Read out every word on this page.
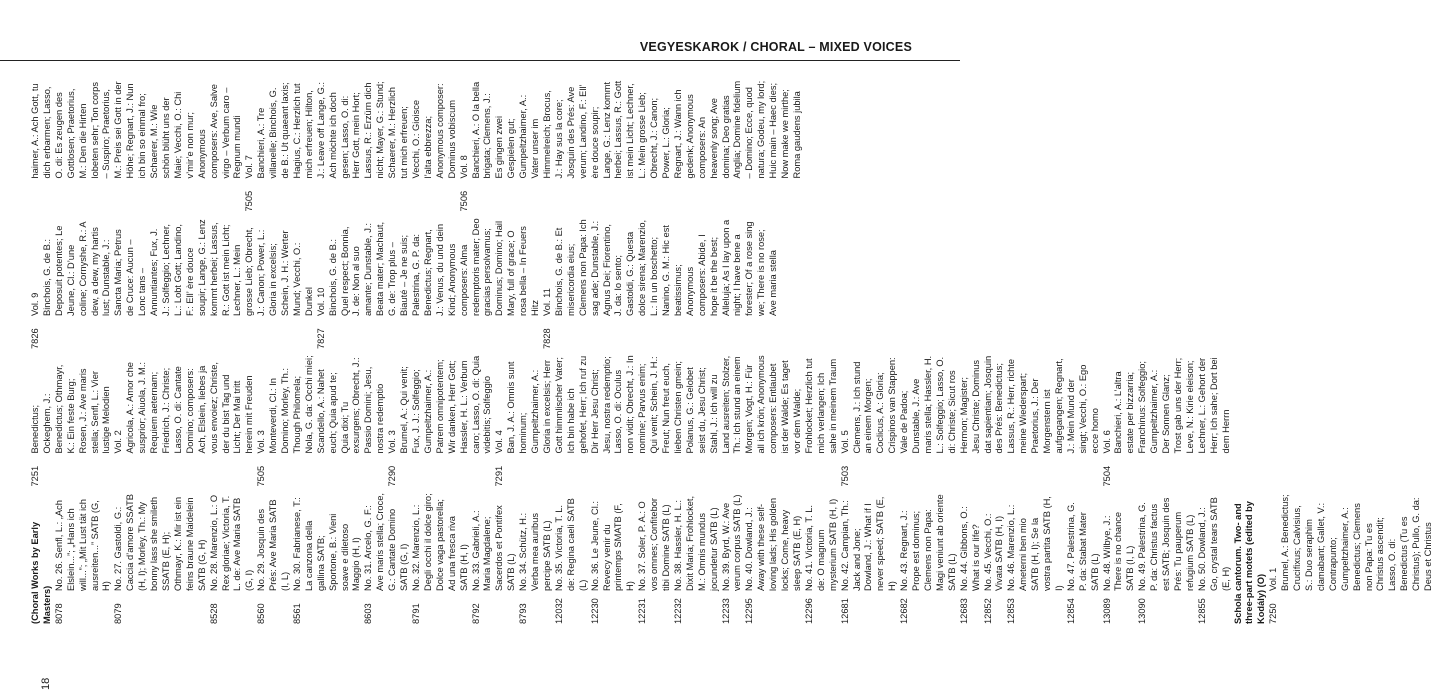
VEGYESKAROK / CHORAL – MIXED VOICES
18
(Choral Works by Early Masters) 8078
No. 26. Senfl, L.: „Ach Elslein...”; „Hans ich will...”; „Mit Lust tät ich ausreiten...” SATB (G, H)
8079
No. 27. Gastoldi, G.: Caccia d’amore SSATB (H, I); Morley, Th.: My bonny lass she smileth SSATB (E, H); Othmayr, K.: Mir ist ein feins braune Maidelein SATB (G, H)
8528
No. 28. Marenzio, L.: O Rex gloriae; Victoria, T. L. de: Ave Maria SATB (G, I)
8560
No. 29. Josquin des Prés: Ave Maria SATB (I, L)
8561
No. 30. Fabrianese, T.: La canzona della gallina SATB; Sportone, B.: Vieni soave e diletoso Maggio (H, I)
8603
No. 31. Arcelo, G. F.: Ave maris stella; Croce, G.: Cantate Domino SATB (G, I)
8791
No. 32. Marenzio, L.: Degli occhi il dolce giro; Dolce vaga pastorella; Ad una fresca riva SATB (H, I)
8792
No. 33. Gabrieli, A.: Maria Magdalene; Sacerdos et Pontifex SATB (L)
8793
No. 34. Schütz, H.: Verba mea auribus percipe SATB (L)
12032
No. 35. Victoria, T. L. de: Regina caeli SATB (L)
12230
No. 36. Le Jeune, Cl.: Revecy venir du printemps SMATB (F, H)
12231
No. 37. Soler, P. A.: O vos omnes; Confitebor tibi Domine SATB (L)
12232
No. 38. Hassler, H. L.: Dixit Maria; Frohlocket, M.: Omnis mundus jocundetur SATB (L)
12233
No. 39. Byrd, W.: Ave verum corpus SATB (L)
12295
No. 40. Dowland, J.: Away with these self-loving lads; His golden locks; Come, heavy sleep SATB (E, H)
12296
No. 41. Victoria, T. L. de: O magnum mysterium SATB (H, I)
12681
No. 42. Campian, Th.: Jack and Jone; Dowland, J.: What if I never speed; SATB (E, H)
12682
No. 43. Regnart, J.: Prope est dominus; Clemens non Papa: Magi veniunt ab oriente SATB (L)
12683
No. 44. Gibbons, O.: What is our life?
12852
No. 45. Vecchi, O.: Vivata SATB (H, I)
12853
No. 46. Marenzio, L.: Ameterni ben mio SATB (H, I); Se la vostra partita SATB (H, I)
12854
No. 47. Palestrina, G. P. da: Stabat Mater SATB (L)
13089
No. 48. Wilbye, J.: There is no chance SATB (I, L)
13090
No. 49. Palestrina, G. P. da: Christus factus est SATB; Josquin des Prés: Tu pauperum refugium SATB (L)
12855
No. 50. Dowland, J.: Go, crystal tears SATB (E, H) Schola cantorum. Two- and three-part motets (edited by Kodály) (O) 7250
Vol. 1 Brumel, A.: Benedictus; Crucifixus; Calvisius, S.: Duo seraphim clamabant; Gallet, V.: Contrapunto; Gumpeltzhaimer, A.: Benedictus; Clemens non Papa: Tu es Christus ascendit; Lasso, O. di: Benedictus (Tu es Christus); Pullo, G. da: Deus et Christus
7251
Benedictus; Ockeghem, J.: Benedictus; Othmayr, K.: Ein feste Burg; Rosen, J.: Ave maris stella; Senfl, L.: Vier lustige Melodien Vol. 2 Agricola, A.: Amor che susprior; Aiuola, J. M.: Requiem aeternam; Friedrich, J.: Christe; Lasso, O. di: Cantate Domino; composers: Ach, Elslein, liebes ja vous envoiez; Christe, der du bist Tag und Licht; Der Mai tritt herein mit Freuden
7505
Vol. 3 Monteverdi, Cl.: In Domino; Morley, Th.: Though Philomela; Nola, G. da: Occhi miei; Scandello, A.: Nahet euch; Quia apud te; Quia dixi; Tu exsurgens; Obrecht, J.: Passio Domini; Jesu, nostra redemptio
7290
Vol. 3 Brumel, A.: Qui venit; Fux, J. J.: Solfeggio; Gumpeltzhaimer, A.: Patrem omnipotentem; Wir danken, Herr Gott; Hassler, H. L.: Verbum caro; Lasso, O. di: Quia videbitis; Solfeggio
7291
Vol. 4 Ban, J. A.: Omnis sunt hominum; Gumpeltzhaimer, A.: Gloria in excelsis; Herr Gott himmlischer Vater; Ich bin habe ich gehofet, Herr; Ich ruf zu Dir Herr Jesu Christ; Jesu, nostra redemptio; Lasso, O. di: Oculus non vidit; Obrecht, J.: In nomine; Parvus enim; Qui venit; Schein, J. H.: Freut; Nun freut euch, lieben Christen gmein; Polanus, G.: Gelobet seist du, Jesu Christ; Stahl, J.: Ich will zu Land ausreiten; Stolzer, Th.: Ich stund an einem Morgen; Vogt, H.: Für all ich krön; Anonymous composers: Entlaubet ist der Walde; Es taget vor dem Walde; Frohlocket; Herzlich tut mich verlangen; Ich sahe in meinem Traum
7503
Vol. 5 Clemens, J.: Ich stund an einem Morgen; Coclicus, A.: Gloria; Crispinos van Stappen: Vale de Padoa; Dunstable, J.: Ave maris stella; Hassler, H. L.: Solfeggio; Lasso, O. di: Christe; Sicut ros Hermon; Magister; Jesu Christe; Dominus dat sapientiam; Josquin des Prés: Benedictus; Lassus, R.: Herr, richte meine Wiederspart; Praetorius, J.: Der Morgenstern ist aufgegangen; Regnart, J.: Mein Mund der singt; Vecchi, O.: Ego ecce homo
7504
Vol. 6 Banchieri, A.: L’altra estate per bizzarria; Franchinus: Solfeggio; Gumpeltzhaimer, A.: Der Sonnen Glanz; Trost gab uns der Herr; Leve, N.: Kirie eleison; Lechner, L.: Gehort der Herr; Ich sahe; Dort bei dem Herrn
7826
Vol. 9 Binchois, G. de B.: Deposuit potentes; Le Jeune, Cl.: D’une coline; Cornyshe, R.: A dew, a dew, my hartis lust; Dunstable, J.: Sancta Maria; Petrus de Cruce: Aucun – Lonc tans – Annuntiantes; Fux, J. J.: Solfeggio; Lechner, L.: Lobt Gott; Landino, F.: Ell’ ère douce soupir; Lange, G.: Lenz kommt herbei; Lassus, R.: Gott ist mein Licht; Lechner, L.: Mein grosse Lieb; Obrecht, J.: Canon; Power, L.: Gloria in excelsis; Schein, J. H.: Werter Mund; Vecchi, O.: Dunkel
7827
Vol. 10 Binchois, G. de B.: Quel respect; Bonnia, J. de: Non al suo amante; Dunstable, J.: Beata mater; Machaut, G. de: Trop plus – Biauté – Je ne suis; Palestrina, G. P. da: Benedictus; Regnart, J.: Venus, du und dein Kind; Anonymous composers: Alma redemptoris mater; Deo gracias persolvamus; Dominus; Domino; Hail Mary, full of grace; O rosa bella – In Feuers Hitz
7828
Vol. 11 Binchois, G. de B.: Et misericordia eius; Clemens non Papa: Ich sag ade; Dunstable, J.: Agnus Dei; Fiorentino, J. da: Io sento; Gastoldi, G.: Questa dolce sirena; Marenzio, L.: In un boschetto; Nanino, G. M.: Hic est beatissimus; Anonymous composers: Abide, I hope it be the best; Alleluja; As I lay upon a night; I have bene a forester; Of a rose sing we; There is no rose; Ave maria stella
haimer, A.: Ach Gott, tu dich erbarmen; Lasso, O. di: Es zeugen des Gottlosen; Praetorius, M.: Den die Hirten lobeten sehr; Ton corps – Suspiro; Praetorius, M.: Preis sei Gott in der Höhe; Regnart, J.: Nun ich bin so einmal fro; Schaerer, M.: Wie schön blüht uns der Maie; Vecchi, O.: Chi v’mir’e non mur; Anonymous composers: Ave, Salve virgo – Verbum caro – Regnum mundi
7505
Vol. 7 Banchieri, A.: Tre villanelle; Binchois, G. de B.: Ut quaeant laxis; Hagius, C.: Herzlich tut mich erfreuen; Hilton, J.: Leave off Lange, G.: Ach möchte ich doch gesen; Lasso, O. di: Herr Gott, mein Hort; Lassus, R.: Erzürn dich nicht; Mayer, G.: Stund; Schaerer, M.: Herzlich tut mich erfreuen; Vecchi, O.: Gioisce l’alta ebbrezza; Anonymous composer: Dominus vobiscum
7506
Vol. 8 Banchieri, A.: O la bella brigata; Clemens, J.: Es gingen zwei Gespielen gut; Gumpeltzhaimer, A.: Vater unser im Himmelreich; Brocus, J.: Hay sus la core; Josquin des Prés: Ave verum; Landino, F.: Ell’ ère douce soupir; Lange, G.: Lenz kommt herbei; Lassus, R.: Gott ist mein Licht; Lechner, L.: Mein grosse Lieb; Obrecht, J.: Canon; Power, L.: Gloria; Regnart, J.: Wann ich gedenk; Anonymous composers: An heavenly song; Ave domina; Deo gratias Anglia; Domine fidelium – Domino; Ecce, quod natura; Godeu, my lord; Huic main – Haec dies; Now make we mirthe; Roma gaudens jubila
